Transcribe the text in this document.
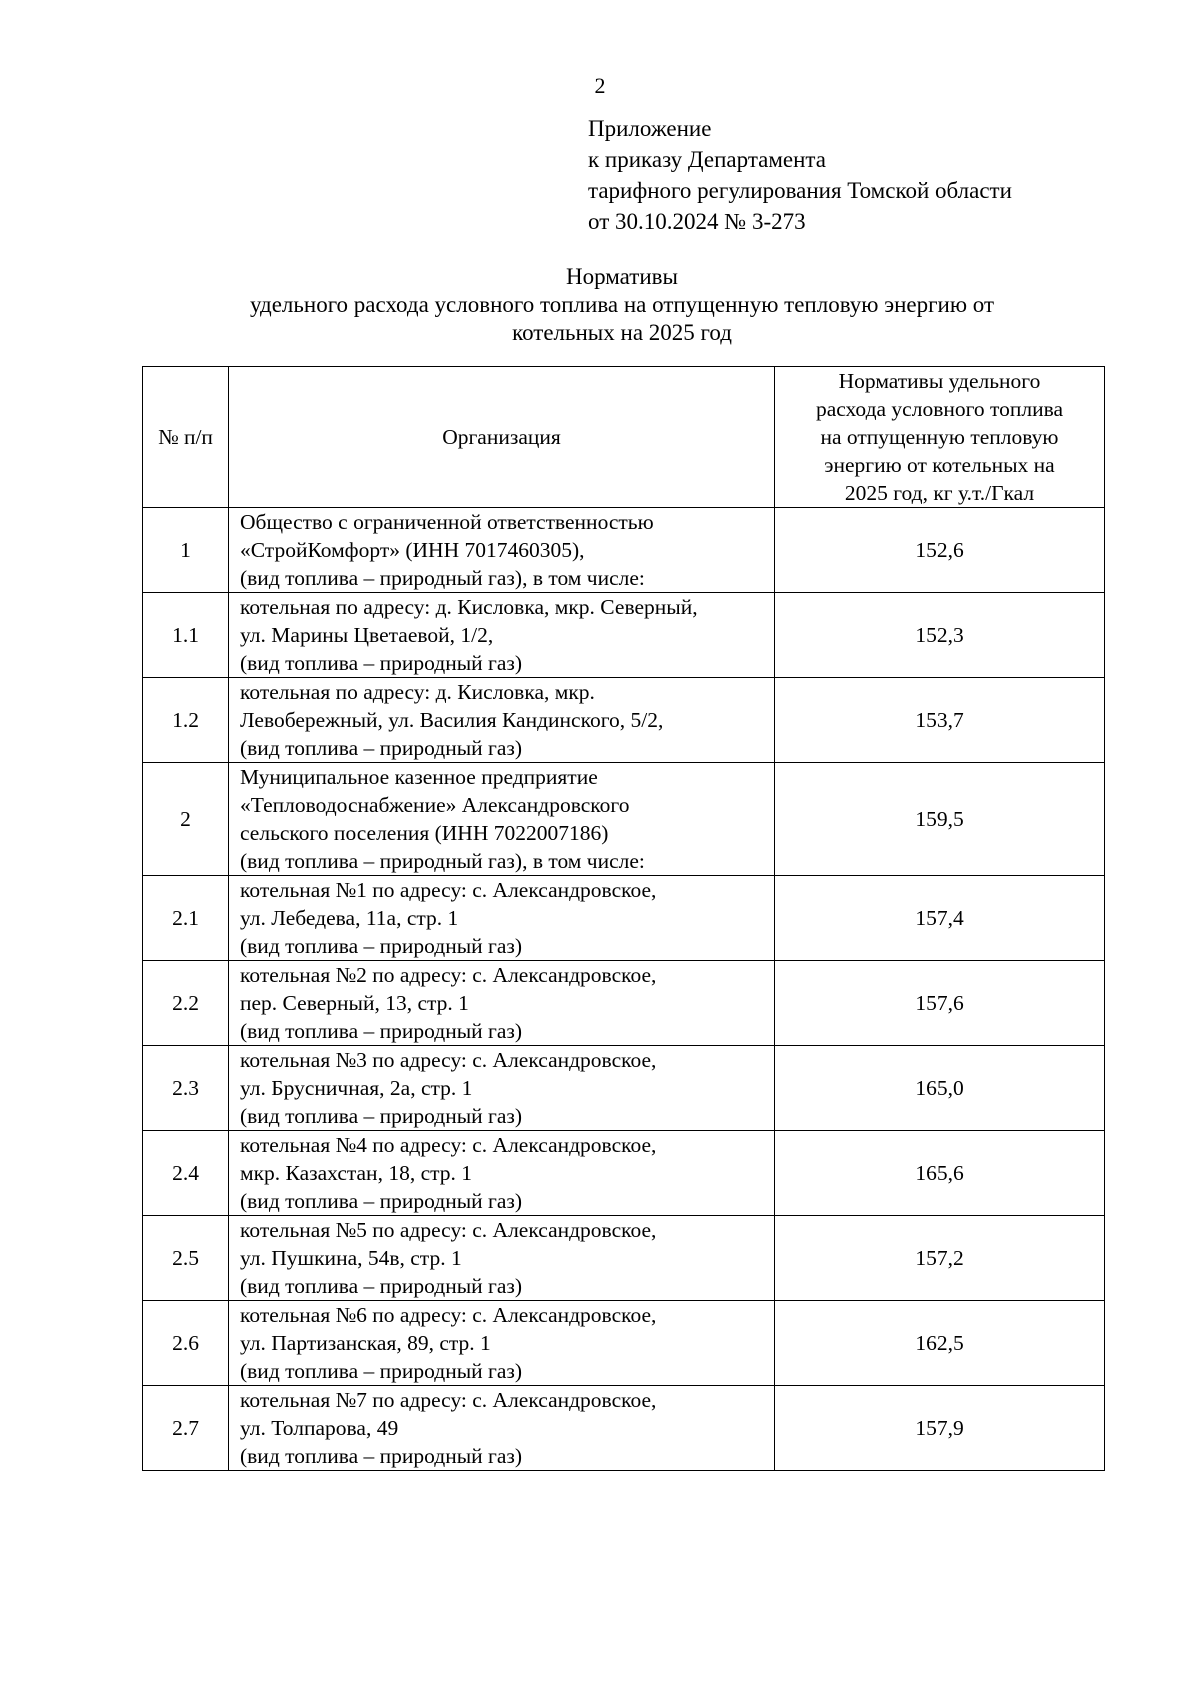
2
Приложение
к приказу Департамента
тарифного регулирования Томской области
от 30.10.2024 № 3-273
Нормативы
удельного расхода условного топлива на отпущенную тепловую энергию от
котельных на 2025 год
№ п/п	Организация	Нормативы удельного
расхода условного топлива
на отпущенную тепловую
энергию от котельных на
2025 год, кг у.т./Гкал

1	Общество с ограниченной ответственностью
«СтройКомфорт» (ИНН 7017460305),
(вид топлива – природный газ), в том числе:	152,6
1.1	котельная по адресу: д. Кисловка, мкр. Северный,
ул. Марины Цветаевой, 1/2,
(вид топлива – природный газ)	152,3
1.2	котельная по адресу: д. Кисловка, мкр.
Левобережный, ул. Василия Кандинского, 5/2,
(вид топлива – природный газ)	153,7
2	Муниципальное казенное предприятие
«Тепловодоснабжение» Александровского
сельского поселения (ИНН 7022007186)
(вид топлива – природный газ), в том числе:	159,5
2.1	котельная №1 по адресу: с. Александровское,
ул. Лебедева, 11а, стр. 1
(вид топлива – природный газ)	157,4
2.2	котельная №2 по адресу: с. Александровское,
пер. Северный, 13, стр. 1
(вид топлива – природный газ)	157,6
2.3	котельная №3 по адресу: с. Александровское,
ул. Брусничная, 2а, стр. 1
(вид топлива – природный газ)	165,0
2.4	котельная №4 по адресу: с. Александровское,
мкр. Казахстан, 18, стр. 1
(вид топлива – природный газ)	165,6
2.5	котельная №5 по адресу: с. Александровское,
ул. Пушкина, 54в, стр. 1
(вид топлива – природный газ)	157,2
2.6	котельная №6 по адресу: с. Александровское,
ул. Партизанская, 89, стр. 1
(вид топлива – природный газ)	162,5
2.7	котельная №7 по адресу: с. Александровское,
ул. Толпарова, 49
(вид топлива – природный газ)	157,9
